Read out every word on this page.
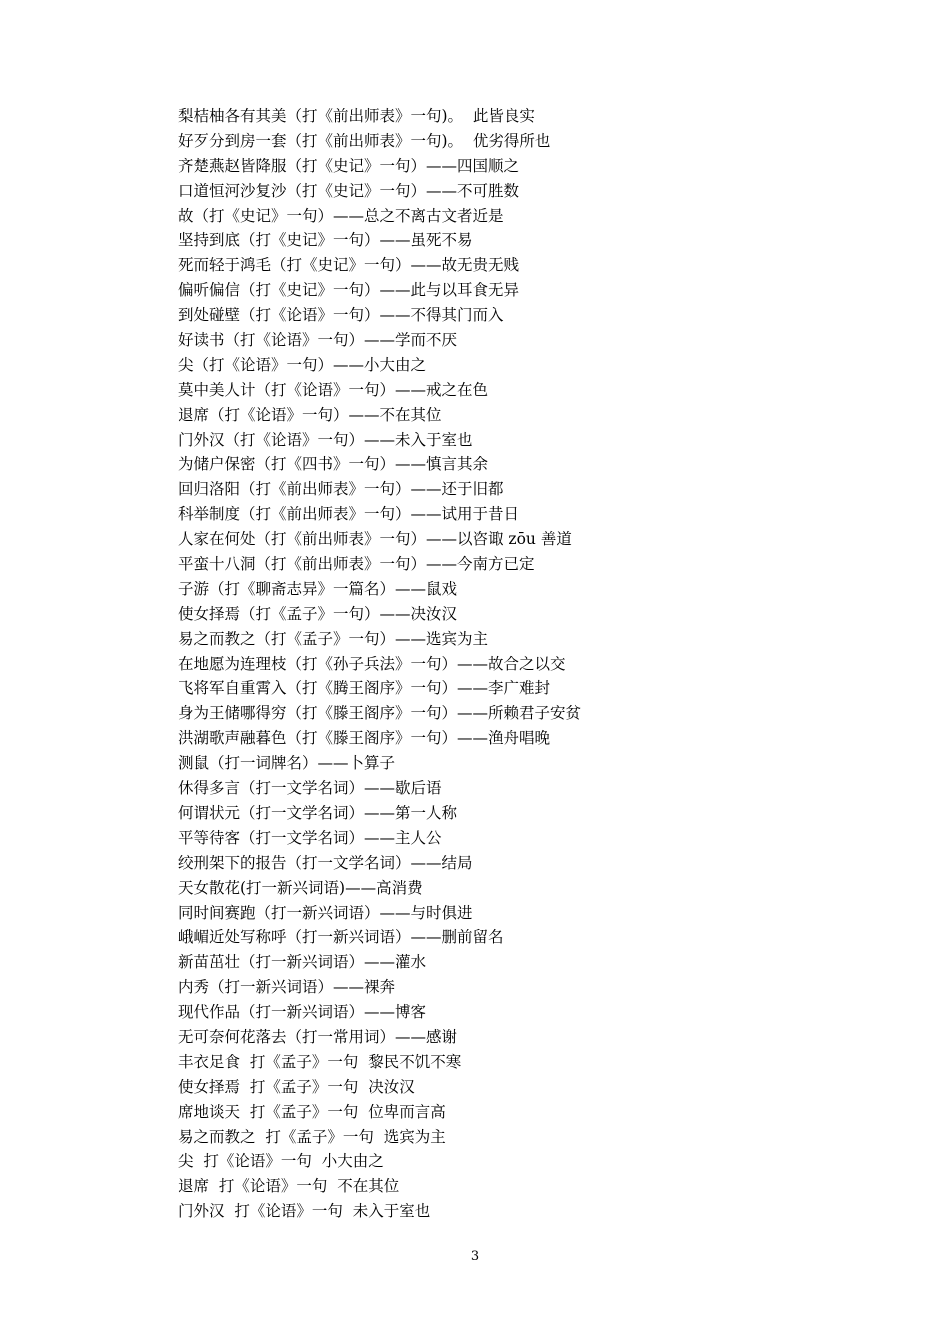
梨桔柚各有其美（打《前出师表》一句)。  此皆良实
好歹分到房一套（打《前出师表》一句)。  优劣得所也
齐楚燕赵皆降服（打《史记》一句）——四国顺之
口道恒河沙复沙（打《史记》一句）——不可胜数
故（打《史记》一句）——总之不离古文者近是
坚持到底（打《史记》一句）——虽死不易
死而轻于鸿毛（打《史记》一句）——故无贵无贱
偏听偏信（打《史记》一句）——此与以耳食无异
到处碰壁（打《论语》一句）——不得其门而入
好读书（打《论语》一句）——学而不厌
尖（打《论语》一句）——小大由之
莫中美人计（打《论语》一句）——戒之在色
退席（打《论语》一句）——不在其位
门外汉（打《论语》一句）——未入于室也
为储户保密（打《四书》一句）——慎言其余
回归洛阳（打《前出师表》一句）——还于旧都
科举制度（打《前出师表》一句）——试用于昔日
人家在何处（打《前出师表》一句）——以咨诹 zōu 善道
平蛮十八洞（打《前出师表》一句）——今南方已定
子游（打《聊斋志异》一篇名）——鼠戏
使女择焉（打《孟子》一句）——决汝汉
易之而教之（打《孟子》一句）——选宾为主
在地愿为连理枝（打《孙子兵法》一句）——故合之以交
飞将军自重霄入（打《腾王阁序》一句）——李广难封
身为王储哪得穷（打《滕王阁序》一句）——所赖君子安贫
洪湖歌声融暮色（打《滕王阁序》一句）——渔舟唱晚
测鼠（打一词牌名）——卜算子
休得多言（打一文学名词）——歇后语
何谓状元（打一文学名词）——第一人称
平等待客（打一文学名词）——主人公
绞刑架下的报告（打一文学名词）——结局
天女散花(打一新兴词语)——高消费
同时间赛跑（打一新兴词语）——与时俱进
峨嵋近处写称呼（打一新兴词语）——删前留名
新苗茁壮（打一新兴词语）——灌水
内秀（打一新兴词语）——裸奔
现代作品（打一新兴词语）——博客
无可奈何花落去（打一常用词）——感谢
丰衣足食  打《孟子》一句  黎民不饥不寒
使女择焉  打《孟子》一句  决汝汉
席地谈天  打《孟子》一句  位卑而言高
易之而教之  打《孟子》一句  选宾为主
尖  打《论语》一句  小大由之
退席  打《论语》一句  不在其位
门外汉  打《论语》一句  未入于室也
3
